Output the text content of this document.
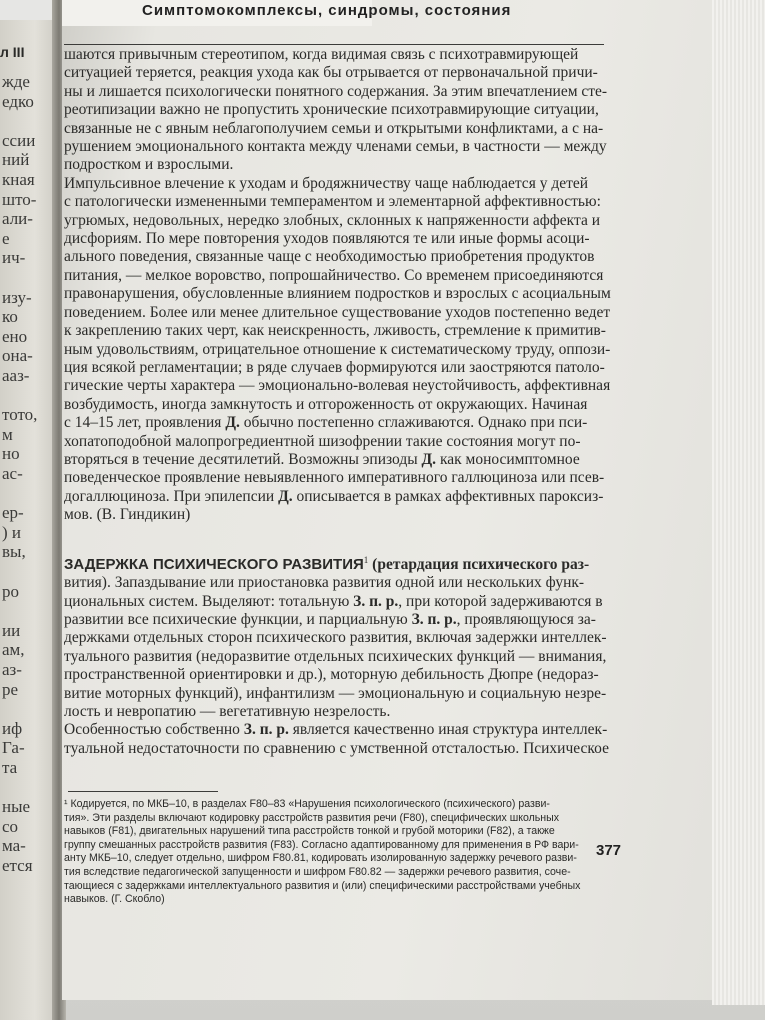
л III
жде
едко
ссии
ний
кная
што-
али-
е
ич-
изу-
ко
ено
она-
ааз-
тото,
м
но
ас-
ер-
) и
вы,
ро
ии
ам,
аз-
ре
иф
Га-
та
ные
со
ма-
ется
Симптомокомплексы, синдромы, состояния
шаются привычным стереотипом, когда видимая связь с психотравмирующей
ситуацией теряется, реакция ухода как бы отрывается от первоначальной причи-
ны и лишается психологически понятного содержания. За этим впечатлением сте-
реотипизации важно не пропустить хронические психотравмирующие ситуации,
связанные не с явным неблагополучием семьи и открытыми конфликтами, а с на-
рушением эмоционального контакта между членами семьи, в частности — между
подростком и взрослыми.
Импульсивное влечение к уходам и бродяжничеству чаще наблюдается у детей
с патологически измененными темпераментом и элементарной аффективностью:
угрюмых, недовольных, нередко злобных, склонных к напряженности аффекта и
дисфориям. По мере повторения уходов появляются те или иные формы асоци-
ального поведения, связанные чаще с необходимостью приобретения продуктов
питания, — мелкое воровство, попрошайничество. Со временем присоединяются
правонарушения, обусловленные влиянием подростков и взрослых с асоциальным
поведением. Более или менее длительное существование уходов постепенно ведет
к закреплению таких черт, как неискренность, лживость, стремление к примитив-
ным удовольствиям, отрицательное отношение к систематическому труду, оппози-
ция всякой регламентации; в ряде случаев формируются или заостряются патоло-
гические черты характера — эмоционально-волевая неустойчивость, аффективная
возбудимость, иногда замкнутость и отгороженность от окружающих. Начиная
с 14–15 лет, проявления Д. обычно постепенно сглаживаются. Однако при пси-
хопатоподобной малопрогредиентной шизофрении такие состояния могут по-
вторяться в течение десятилетий. Возможны эпизоды Д. как моносимптомное
поведенческое проявление невыявленного императивного галлюциноза или псев-
догаллюциноза. При эпилепсии Д. описывается в рамках аффективных пароксиз-
мов. (В. Гиндикин)
ЗАДЕРЖКА ПСИХИЧЕСКОГО РАЗВИТИЯ$^1$ (ретардация психического раз-
вития). Запаздывание или приостановка развития одной или нескольких функ-
циональных систем. Выделяют: тотальную З. п. р., при которой задерживаются в
развитии все психические функции, и парциальную З. п. р., проявляющуюся за-
держками отдельных сторон психического развития, включая задержки интеллек-
туального развития (недоразвитие отдельных психических функций — внимания,
пространственной ориентировки и др.), моторную дебильность Дюпре (недораз-
витие моторных функций), инфантилизм — эмоциональную и социальную незре-
лость и невропатию — вегетативную незрелость.
Особенностью собственно З. п. р. является качественно иная структура интеллек-
туальной недостаточности по сравнению с умственной отсталостью. Психическое
¹ Кодируется, по МКБ–10, в разделах F80–83 «Нарушения психологического (психического) разви-
тия». Эти разделы включают кодировку расстройств развития речи (F80), специфических школьных
навыков (F81), двигательных нарушений типа расстройств тонкой и грубой моторики (F82), а также
группу смешанных расстройств развития (F83). Согласно адаптированному для применения в РФ вари-
анту МКБ–10, следует отдельно, шифром F80.81, кодировать изолированную задержку речевого разви-
тия вследствие педагогической запущенности и шифром F80.82 — задержки речевого развития, соче-
тающиеся с задержками интеллектуального развития и (или) специфическими расстройствами учебных
навыков. (Г. Скобло)
377
